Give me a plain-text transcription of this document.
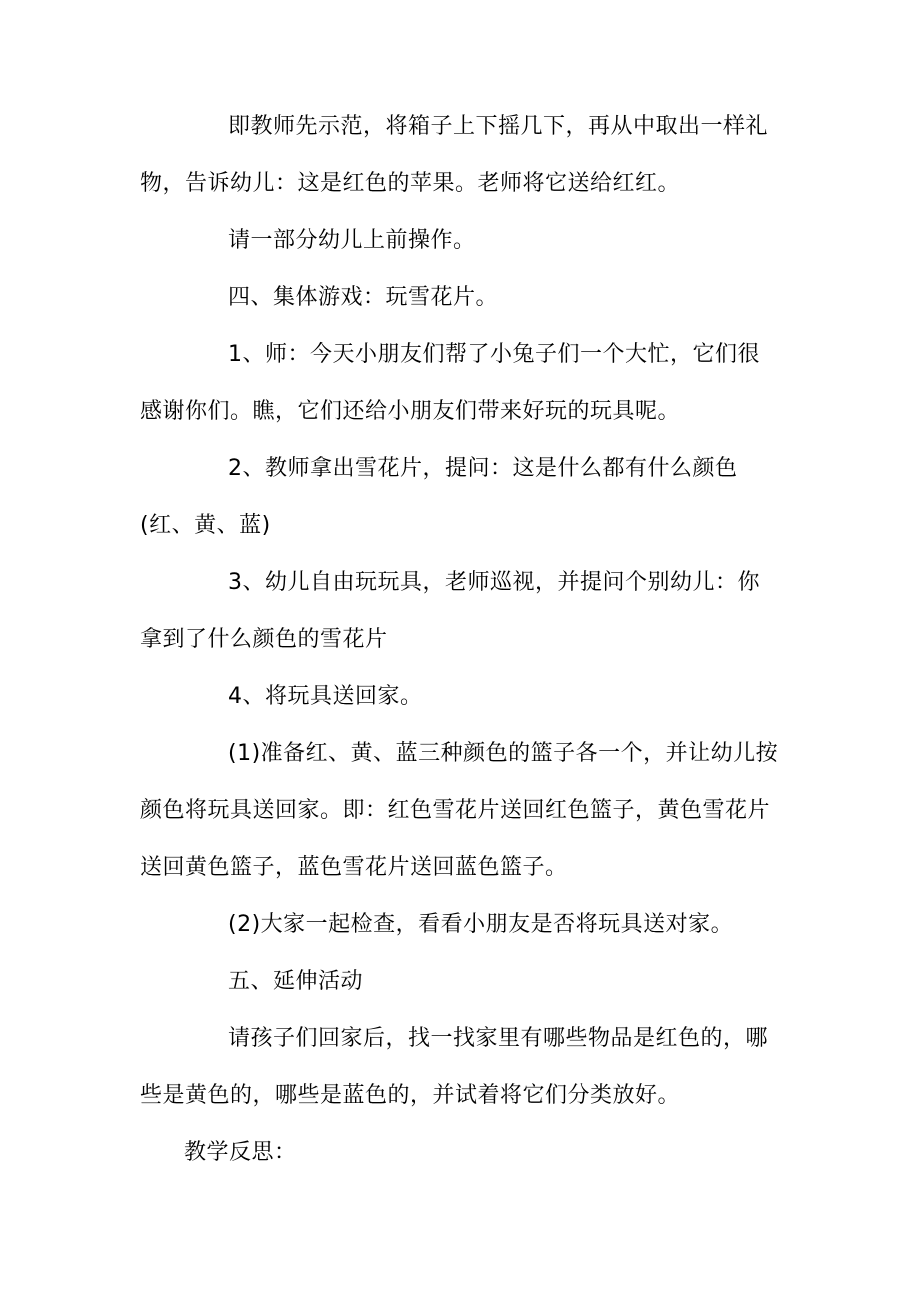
即教师先示范，将箱子上下摇几下，再从中取出一样礼物，告诉幼儿：这是红色的苹果。老师将它送给红红。

请一部分幼儿上前操作。

四、集体游戏：玩雪花片。

1、师：今天小朋友们帮了小兔子们一个大忙，它们很感谢你们。瞧，它们还给小朋友们带来好玩的玩具呢。

2、教师拿出雪花片，提问：这是什么都有什么颜色(红、黄、蓝)

3、幼儿自由玩玩具，老师巡视，并提问个别幼儿：你拿到了什么颜色的雪花片

4、将玩具送回家。

(1)准备红、黄、蓝三种颜色的篮子各一个，并让幼儿按颜色将玩具送回家。即：红色雪花片送回红色篮子，黄色雪花片送回黄色篮子，蓝色雪花片送回蓝色篮子。

(2)大家一起检查，看看小朋友是否将玩具送对家。

五、延伸活动

请孩子们回家后，找一找家里有哪些物品是红色的，哪些是黄色的，哪些是蓝色的，并试着将它们分类放好。

教学反思：
